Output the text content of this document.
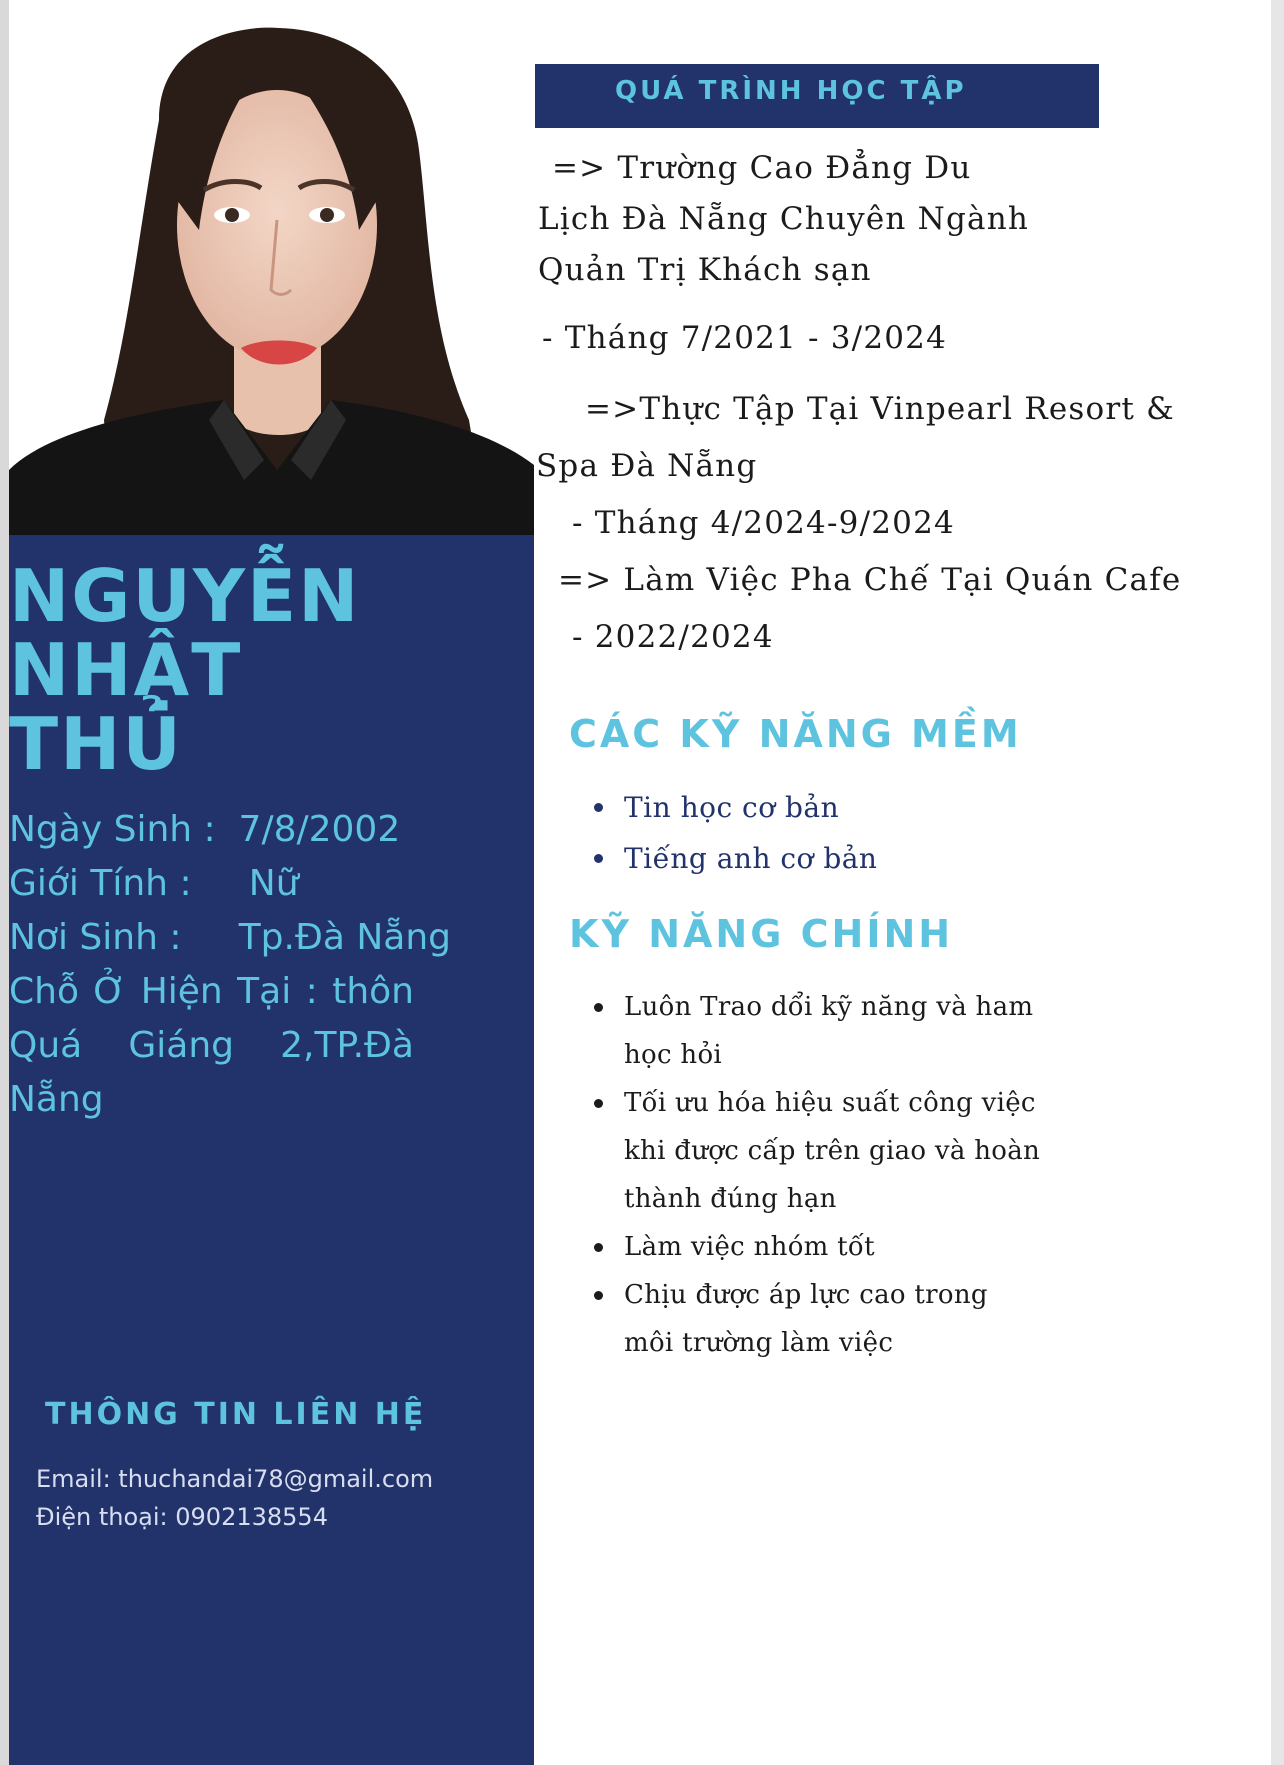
NGUYỄN
NHẬT
THỦ
Ngày Sinh : 7/8/2002
Giới Tính : Nữ
Nơi Sinh : Tp.Đà Nẵng
Chỗ Ở Hiện Tại : thôn
Quá Giáng 2,TP.Đà
Nẵng
THÔNG TIN LIÊN HỆ
Email: thuchandai78@gmail.com
Điện thoại: 0902138554
QUÁ TRÌNH HỌC TẬP
=> Trường Cao Đẳng Du
Lịch Đà Nẵng Chuyên Ngành
Quản Trị Khách sạn
- Tháng 7/2021 - 3/2024
=>Thực Tập Tại Vinpearl Resort &
Spa Đà Nẵng
- Tháng 4/2024-9/2024
=> Làm Việc Pha Chế Tại Quán Cafe
- 2022/2024
CÁC KỸ NĂNG MỀM
Tin học cơ bản
Tiếng anh cơ bản
KỸ NĂNG CHÍNH
Luôn Trao dổi kỹ năng và ham học hỏi
Tối ưu hóa hiệu suất công việc khi được cấp trên giao và hoàn thành đúng hạn
Làm việc nhóm tốt
Chịu được áp lực cao trong môi trường làm việc
